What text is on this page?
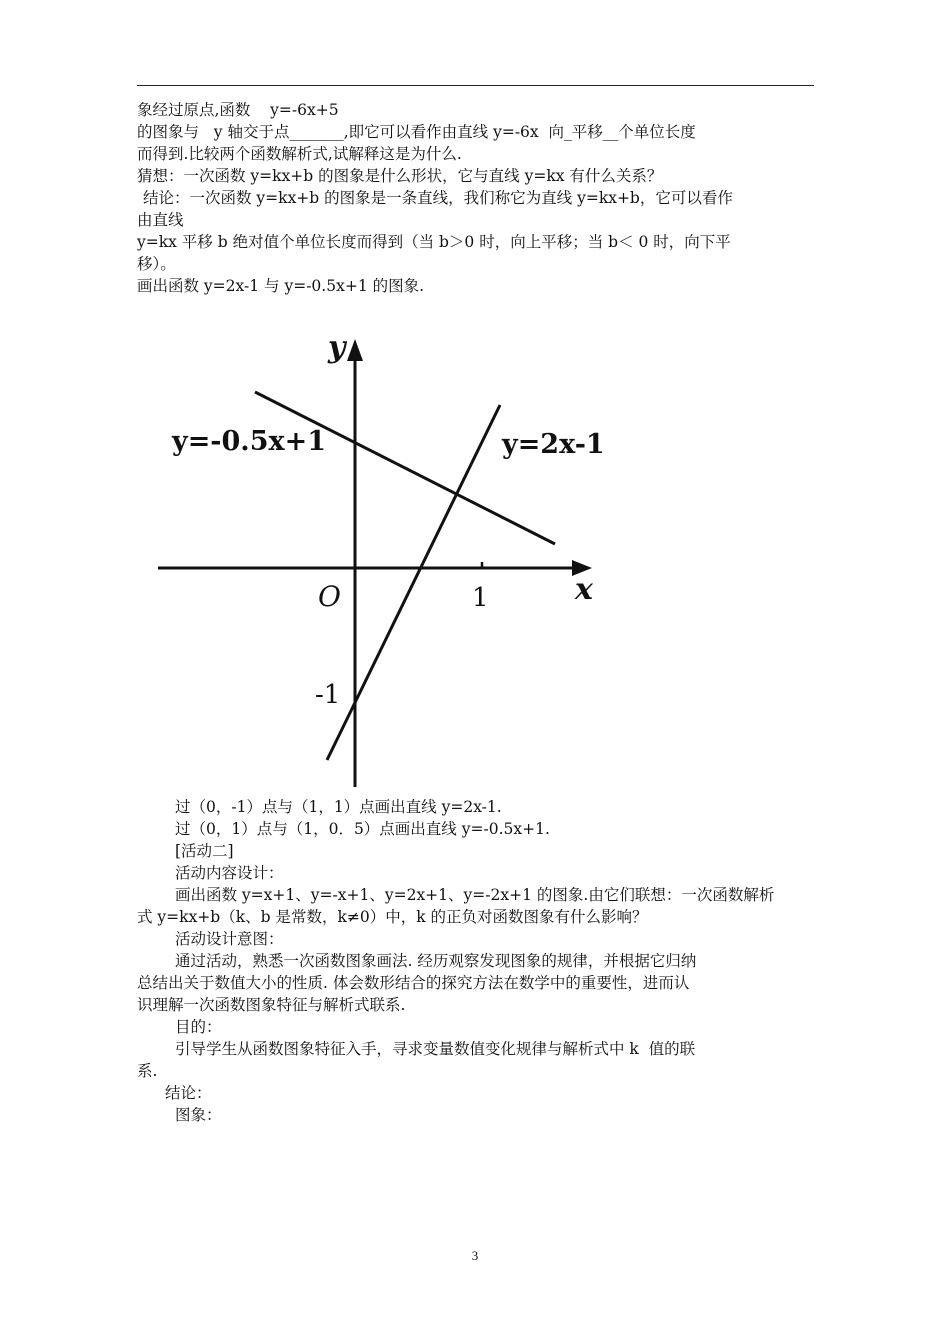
象经过原点,函数    y=-6x+5
的图象与   y 轴交于点_______,即它可以看作由直线 y=-6x  向_平移__个单位长度
而得到.比较两个函数解析式,试解释这是为什么.
猜想：一次函数 y=kx+b 的图象是什么形状，它与直线 y=kx 有什么关系？
结论：一次函数 y=kx+b 的图象是一条直线，我们称它为直线 y=kx+b，它可以看作
由直线
y=kx 平移 b 绝对值个单位长度而得到（当 b＞0 时，向上平移；当 b＜ 0 时，向下平
移）。
画出函数 y=2x-1 与 y=-0.5x+1 的图象.
y
x
O	1
-1
y=-0.5x+1	y=2x-1
过（0，-1）点与（1，1）点画出直线 y=2x-1.
过（0，1）点与（1，0．5）点画出直线 y=-0.5x+1.
[活动二]
活动内容设计：
画出函数 y=x+1、y=-x+1、y=2x+1、y=-2x+1 的图象.由它们联想：一次函数解析
式 y=kx+b（k、b 是常数，k≠0）中，k 的正负对函数图象有什么影响？
活动设计意图：
通过活动，熟悉一次函数图象画法. 经历观察发现图象的规律，并根据它归纳
总结出关于数值大小的性质. 体会数形结合的探究方法在数学中的重要性，进而认
识理解一次函数图象特征与解析式联系.
目的：
引导学生从函数图象特征入手，寻求变量数值变化规律与解析式中 k  值的联
系.
结论：
图象：
3
